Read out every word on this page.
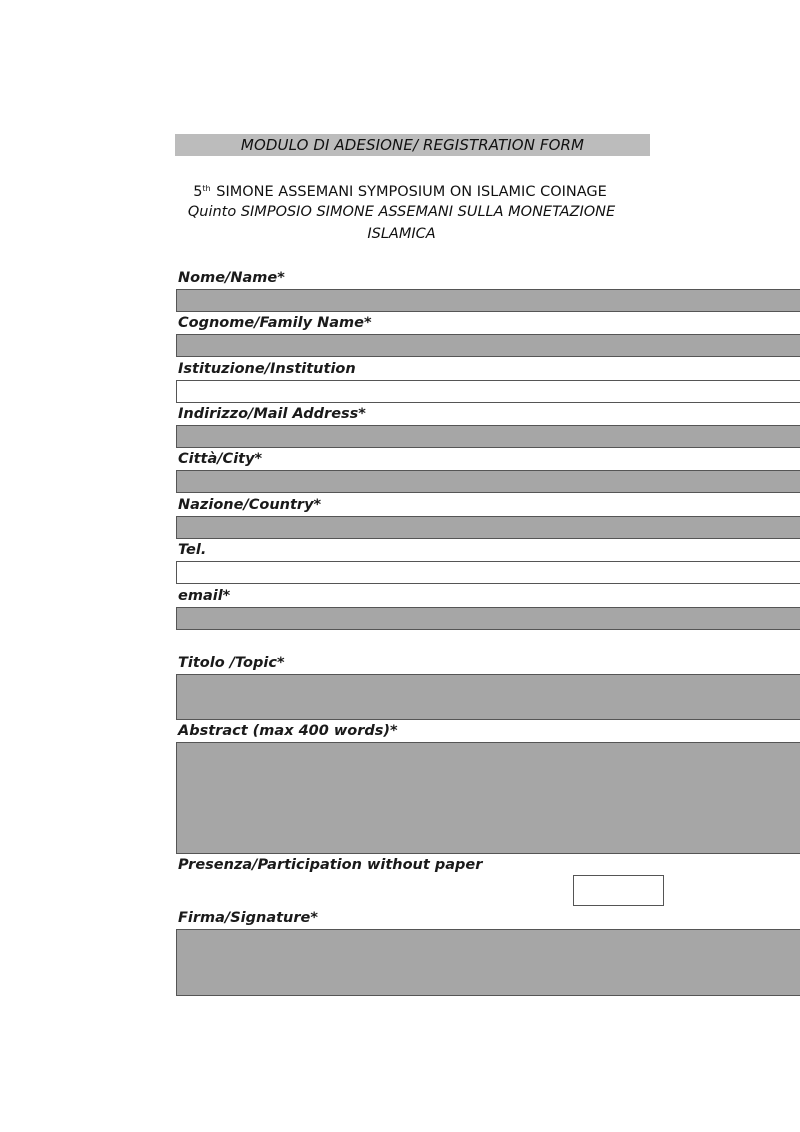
MODULO DI ADESIONE/ REGISTRATION FORM
5th SIMONE ASSEMANI SYMPOSIUM ON ISLAMIC COINAGE
Quinto SIMPOSIO SIMONE ASSEMANI SULLA MONETAZIONE ISLAMICA
Nome/Name*
Cognome/Family Name*
Istituzione/Institution
Indirizzo/Mail Address*
Città/City*
Nazione/Country*
Tel.
email*
Titolo /Topic*
Abstract (max 400 words)*
Presenza/Participation without paper
Firma/Signature*
